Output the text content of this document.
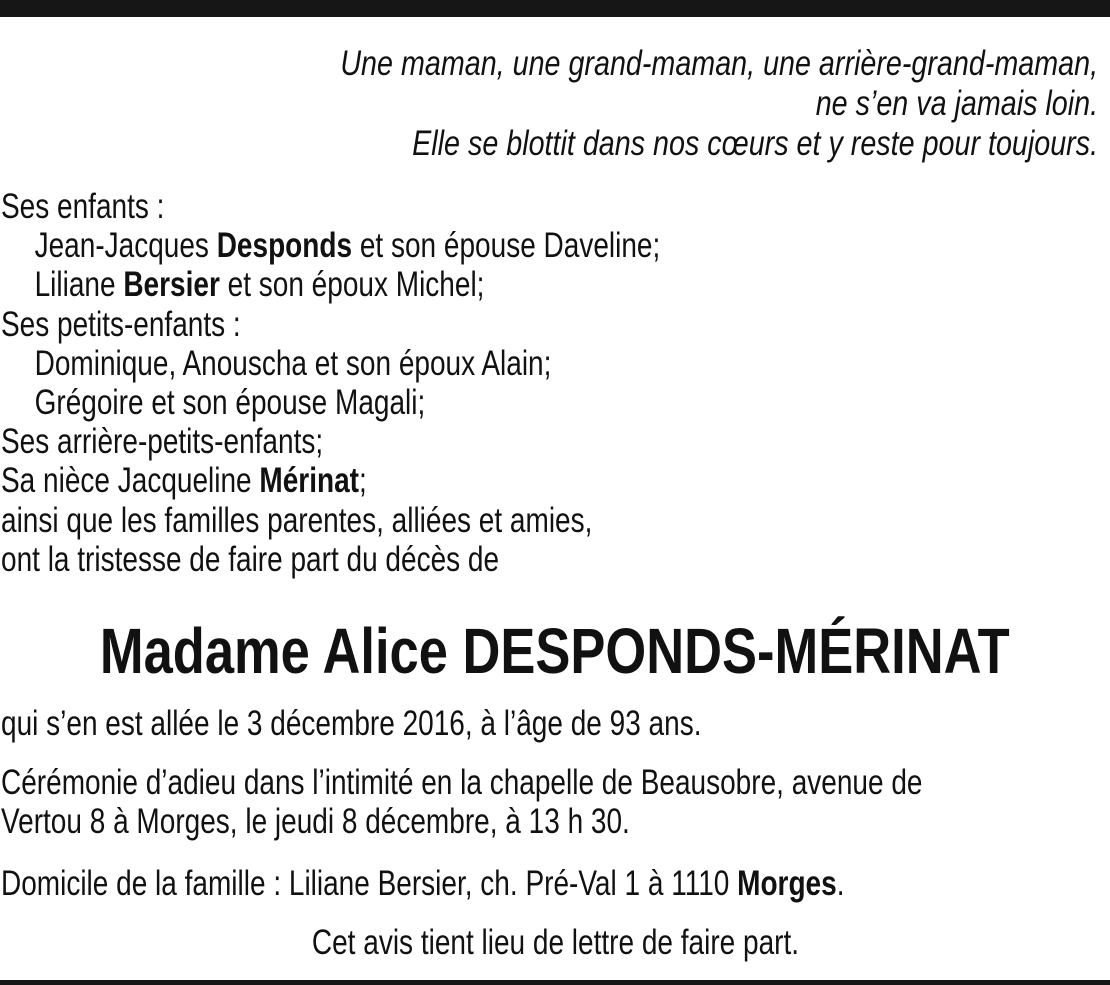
Une maman, une grand-maman, une arrière-grand-maman,
ne s’en va jamais loin.
Elle se blottit dans nos cœurs et y reste pour toujours.
Ses enfants :
Jean-Jacques Desponds et son épouse Daveline;
Liliane Bersier et son époux Michel;
Ses petits-enfants :
Dominique, Anouscha et son époux Alain;
Grégoire et son épouse Magali;
Ses arrière-petits-enfants;
Sa nièce Jacqueline Mérinat;
ainsi que les familles parentes, alliées et amies,
ont la tristesse de faire part du décès de
Madame Alice DESPONDS-MÉRINAT
qui s’en est allée le 3 décembre 2016, à l’âge de 93 ans.
Cérémonie d’adieu dans l’intimité en la chapelle de Beausobre, avenue de
Vertou 8 à Morges, le jeudi 8 décembre, à 13 h 30.
Domicile de la famille : Liliane Bersier, ch. Pré-Val 1 à 1110 Morges.
Cet avis tient lieu de lettre de faire part.
